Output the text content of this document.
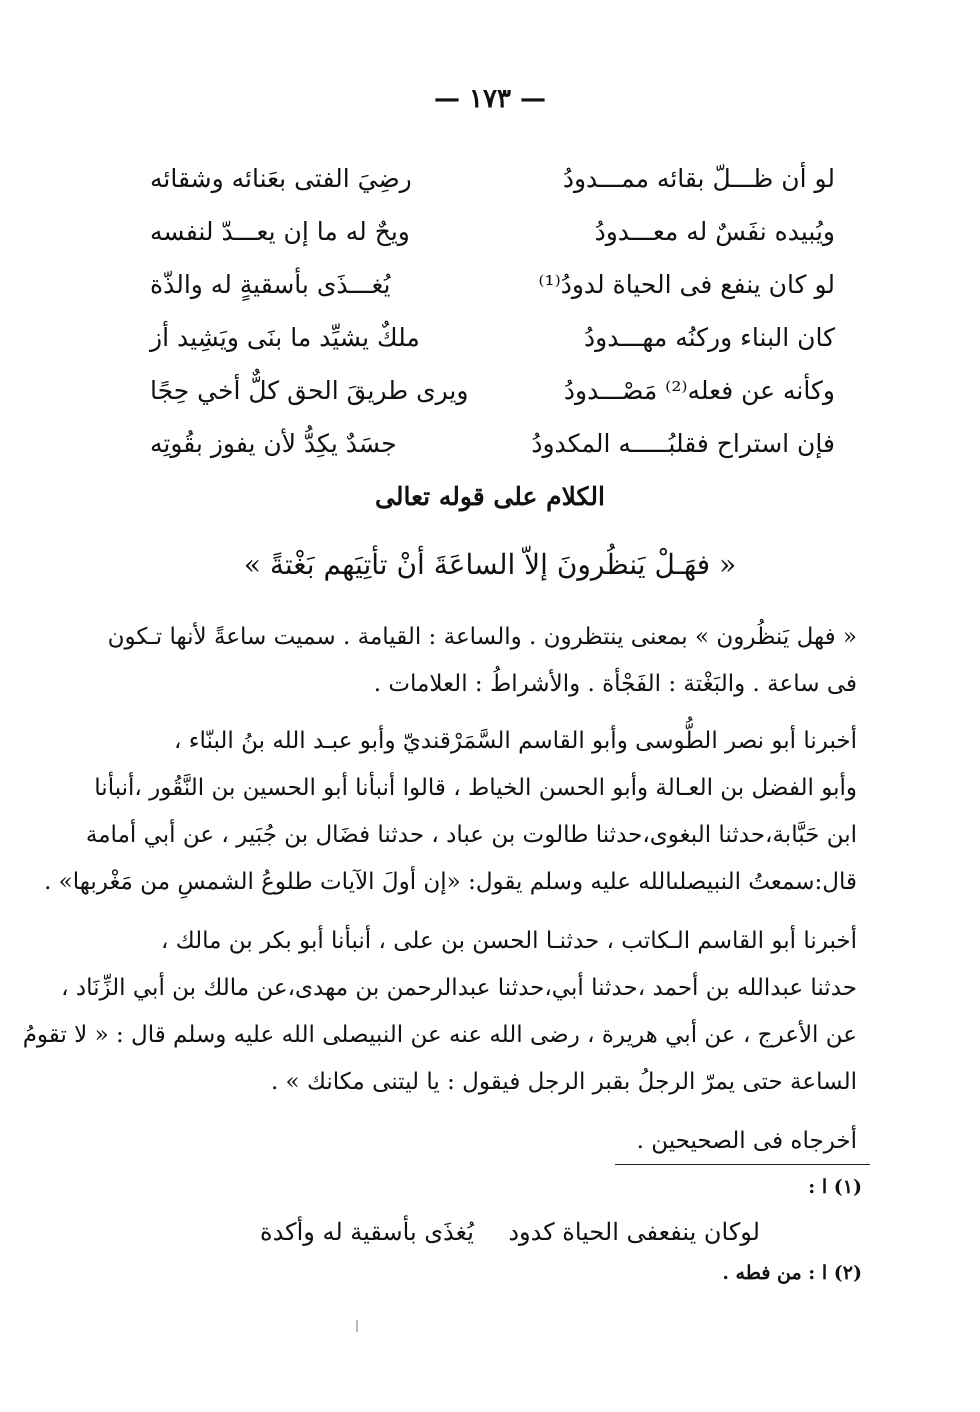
— ١٧٣ —
لو أن ظـــلّ بقائه ممـــدودُ
رضِيَ الفتى بعَنائه وشقائه
ويُبيده نفَسٌ له معـــدودُ
ويحٌ له ما إن يعـــدّ لنفسه
لو كان ينفع فى الحياة لدودُ⁽¹⁾
يُغـــذَى بأسقيةٍ له والذّة
كان البناء وركنُه مهـــدودُ
ملكٌ يشيِّد ما بنَى ويَشِيد أز
وكأنه عن فعله⁽²⁾ مَصْـــدودُ
ويرى طريقَ الحق كلٌّ أخي حِجًا
فإن استراح فقلبُـــــه المكدودُ
جسَدٌ يكِدُّ لأن يفوز بقُوتِه
الكلام على قوله تعالى
« فهَـلْ يَنظُرونَ إلاّ الساعَةَ أنْ تأتِيَهم بَغْتةً »
« فهل يَنظُرون » بمعنى ينتظرون . والساعة : القيامة . سميت ساعةً لأنها تـكون
فى ساعة . والبَغْتة : الفَجْأة . والأشراطُ : العلامات .
أخبرنا أبو نصر الطُّوسى وأبو القاسم السَّمَرْقنديّ وأبو عبـد الله بنُ البنّاء ،
وأبو الفضل بن العـالة وأبو الحسن الخياط ، قالوا أنبأنا أبو الحسين بن النَّقُور ،أنبأنا
ابن حَبَّابة،حدثنا البغوى،حدثنا طالوت بن عباد ، حدثنا فضَال بن جُبَير ، عن أبي أمامة
قال:سمعتُ النبيصلىالله عليه وسلم يقول: «إن أولَ الآيات طلوعُ الشمسِ من مَغْربها» .
أخبرنا أبو القاسم الـكاتب ، حدثنـا الحسن بن على ، أنبأنا أبو بكر بن مالك ،
حدثنا عبدالله بن أحمد ،حدثنا أبي،حدثنا عبدالرحمن بن مهدى،عن مالك بن أبي الزِّنَاد ،
عن الأعرج ، عن أبي هريرة ، رضى الله عنه عن النبيصلى الله عليه وسلم قال : « لا تقومُ
الساعة حتى يمرّ الرجلُ بقبر الرجل فيقول : يا ليتنى مكانك » .
أخرجاه فى الصحيحين .
(١) ا :
لوكان ينفعفى الحياة كدود
يُغذَى بأسقية له وأكدة
(٢) ا : من فطه .
